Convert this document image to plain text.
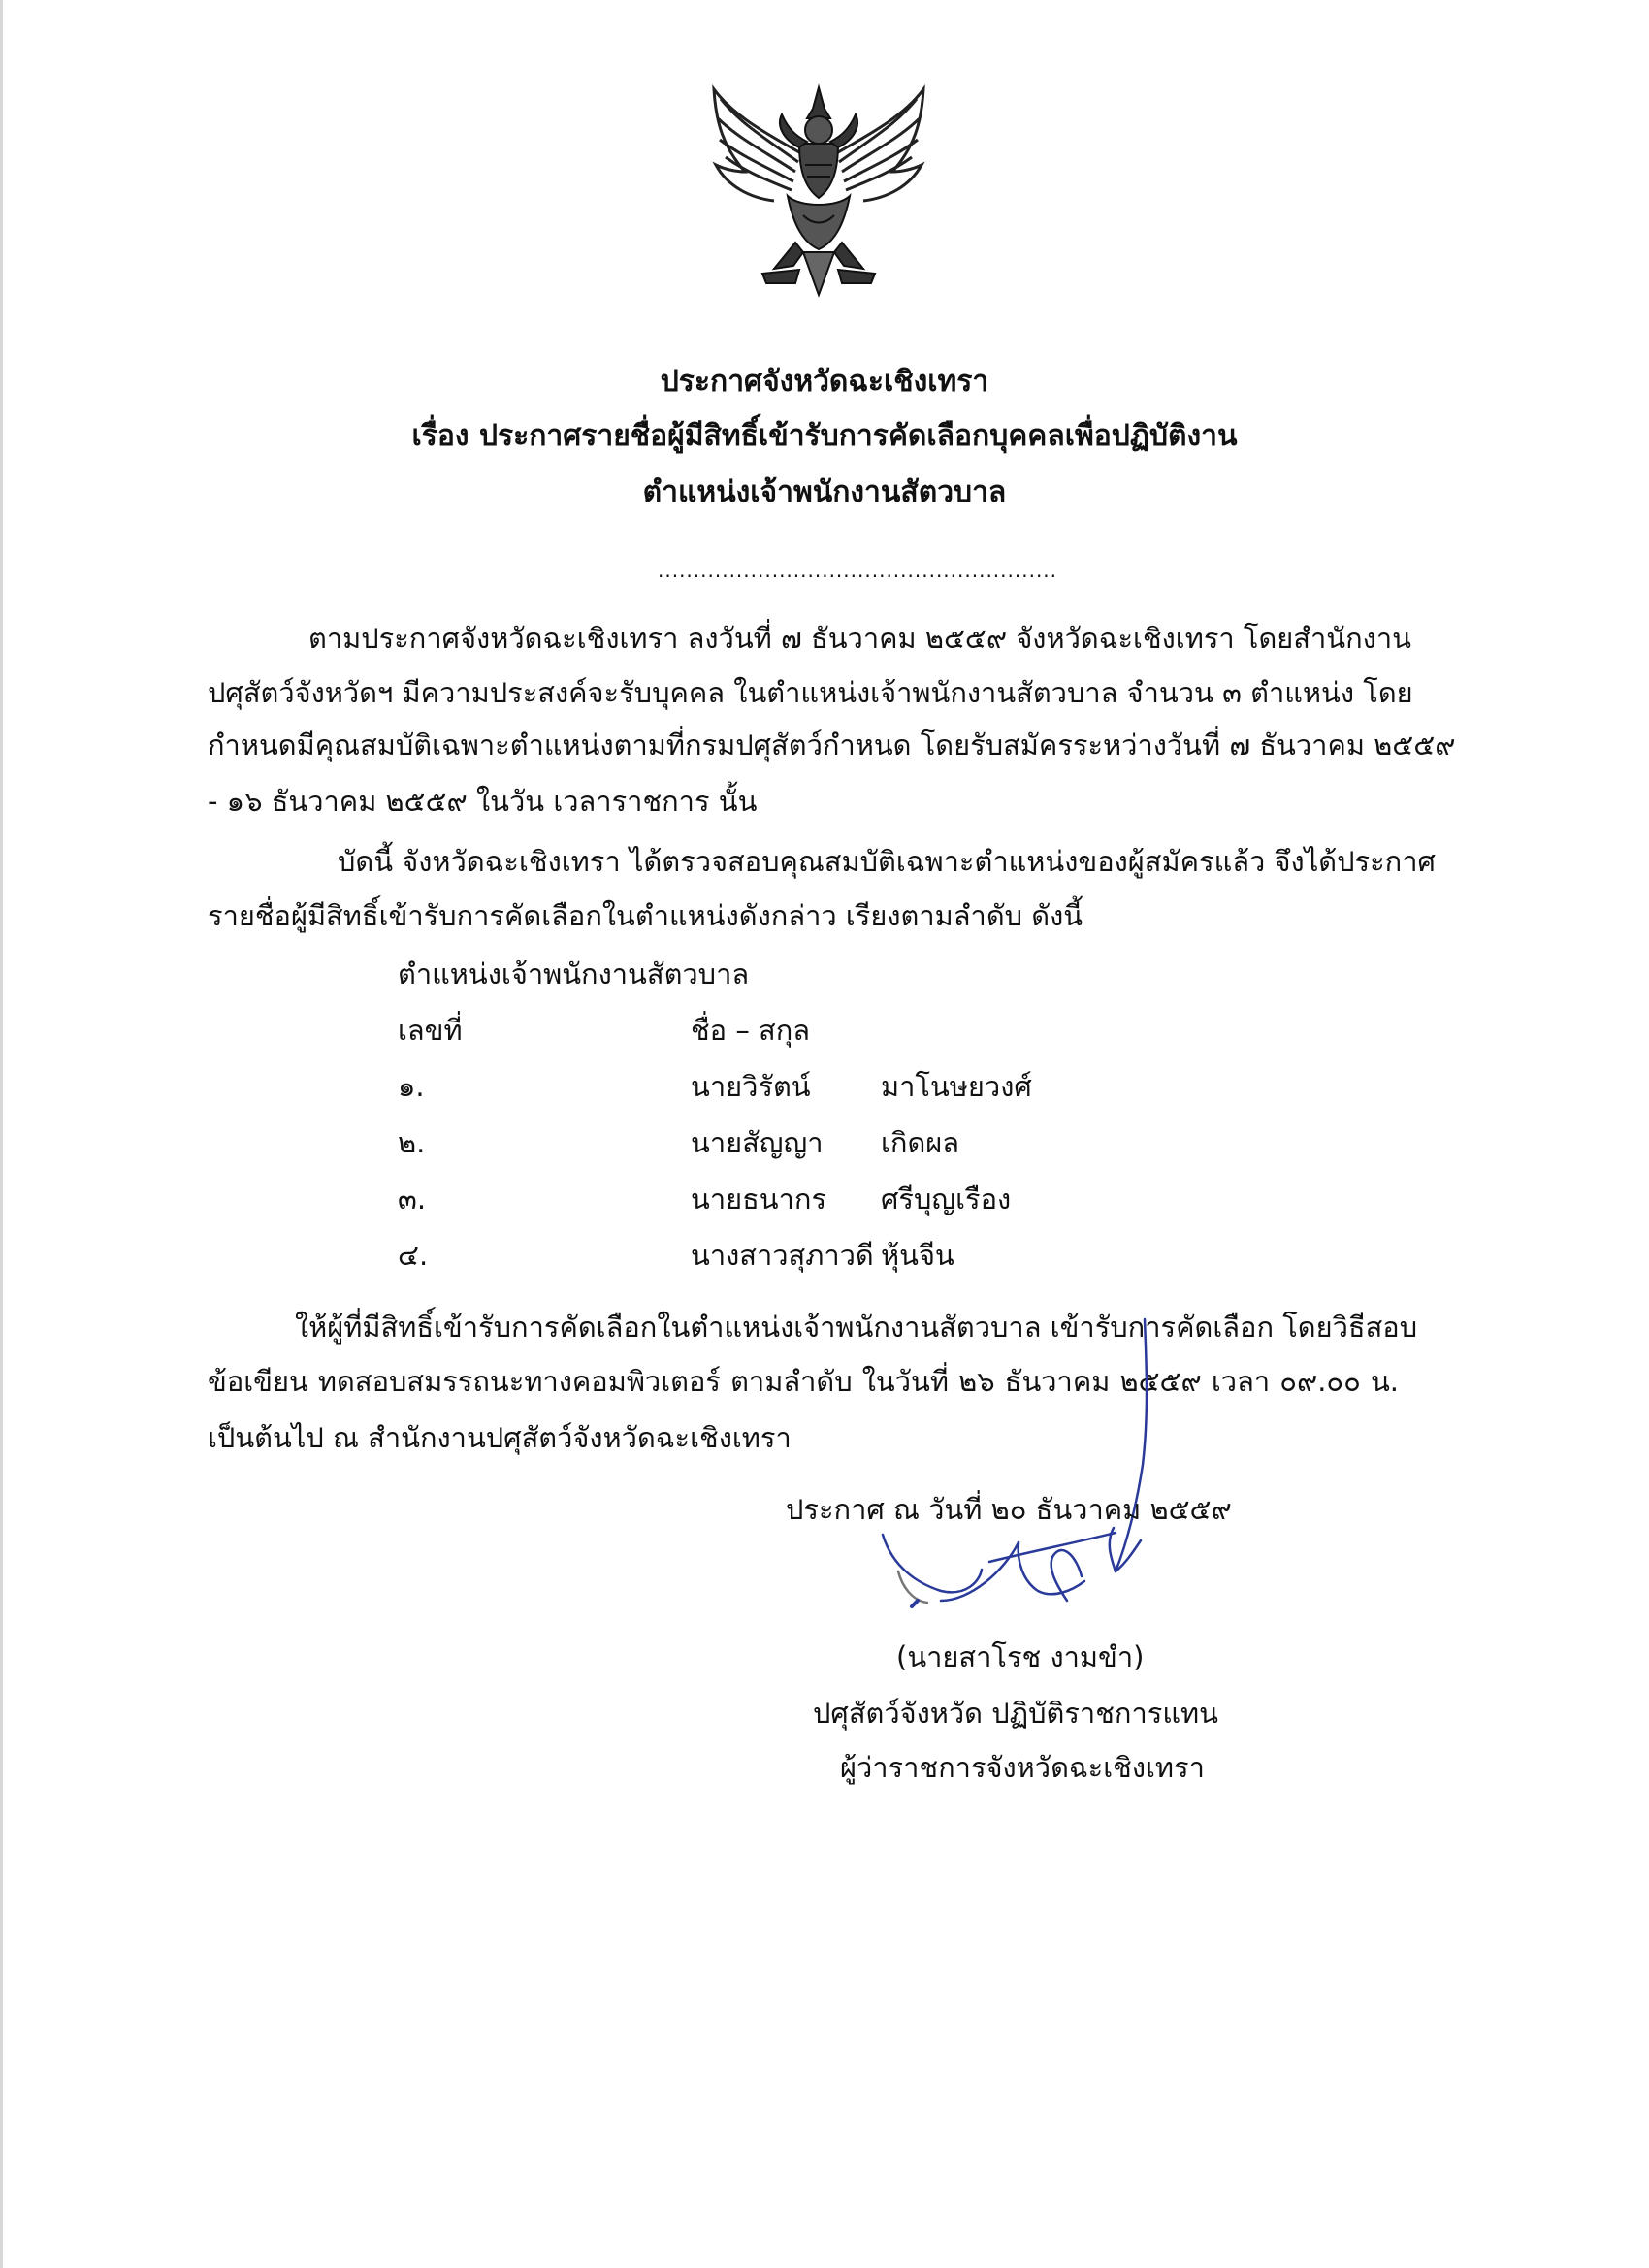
ประกาศจังหวัดฉะเชิงเทรา
เรื่อง ประกาศรายชื่อผู้มีสิทธิ์เข้ารับการคัดเลือกบุคคลเพื่อปฏิบัติงาน
ตำแหน่งเจ้าพนักงานสัตวบาล
........................................................
ตามประกาศจังหวัดฉะเชิงเทรา ลงวันที่ ๗ ธันวาคม ๒๕๕๙ จังหวัดฉะเชิงเทรา โดยสำนักงาน
ปศุสัตว์จังหวัดฯ มีความประสงค์จะรับบุคคล ในตำแหน่งเจ้าพนักงานสัตวบาล จำนวน ๓ ตำแหน่ง โดย
กำหนดมีคุณสมบัติเฉพาะตำแหน่งตามที่กรมปศุสัตว์กำหนด โดยรับสมัครระหว่างวันที่ ๗ ธันวาคม ๒๕๕๙
- ๑๖ ธันวาคม ๒๕๕๙ ในวัน เวลาราชการ นั้น
บัดนี้ จังหวัดฉะเชิงเทรา ได้ตรวจสอบคุณสมบัติเฉพาะตำแหน่งของผู้สมัครแล้ว จึงได้ประกาศ
รายชื่อผู้มีสิทธิ์เข้ารับการคัดเลือกในตำแหน่งดังกล่าว เรียงตามลำดับ ดังนี้
ตำแหน่งเจ้าพนักงานสัตวบาล
เลขที่	ชื่อ – สกุล
๑.	นายวิรัตน์ มาโนษยวงศ์
๒.	นายสัญญา เกิดผล
๓.	นายธนากร ศรีบุญเรือง
๔.	นางสาวสุภาวดี หุ้นจีน
ให้ผู้ที่มีสิทธิ์เข้ารับการคัดเลือกในตำแหน่งเจ้าพนักงานสัตวบาล เข้ารับการคัดเลือก โดยวิธีสอบ
ข้อเขียน ทดสอบสมรรถนะทางคอมพิวเตอร์ ตามลำดับ ในวันที่ ๒๖ ธันวาคม ๒๕๕๙ เวลา ๐๙.๐๐ น.
เป็นต้นไป ณ สำนักงานปศุสัตว์จังหวัดฉะเชิงเทรา
ประกาศ ณ วันที่ ๒๐ ธันวาคม ๒๕๕๙
(นายสาโรช งามขำ)
ปศุสัตว์จังหวัด ปฏิบัติราชการแทน
ผู้ว่าราชการจังหวัดฉะเชิงเทรา
